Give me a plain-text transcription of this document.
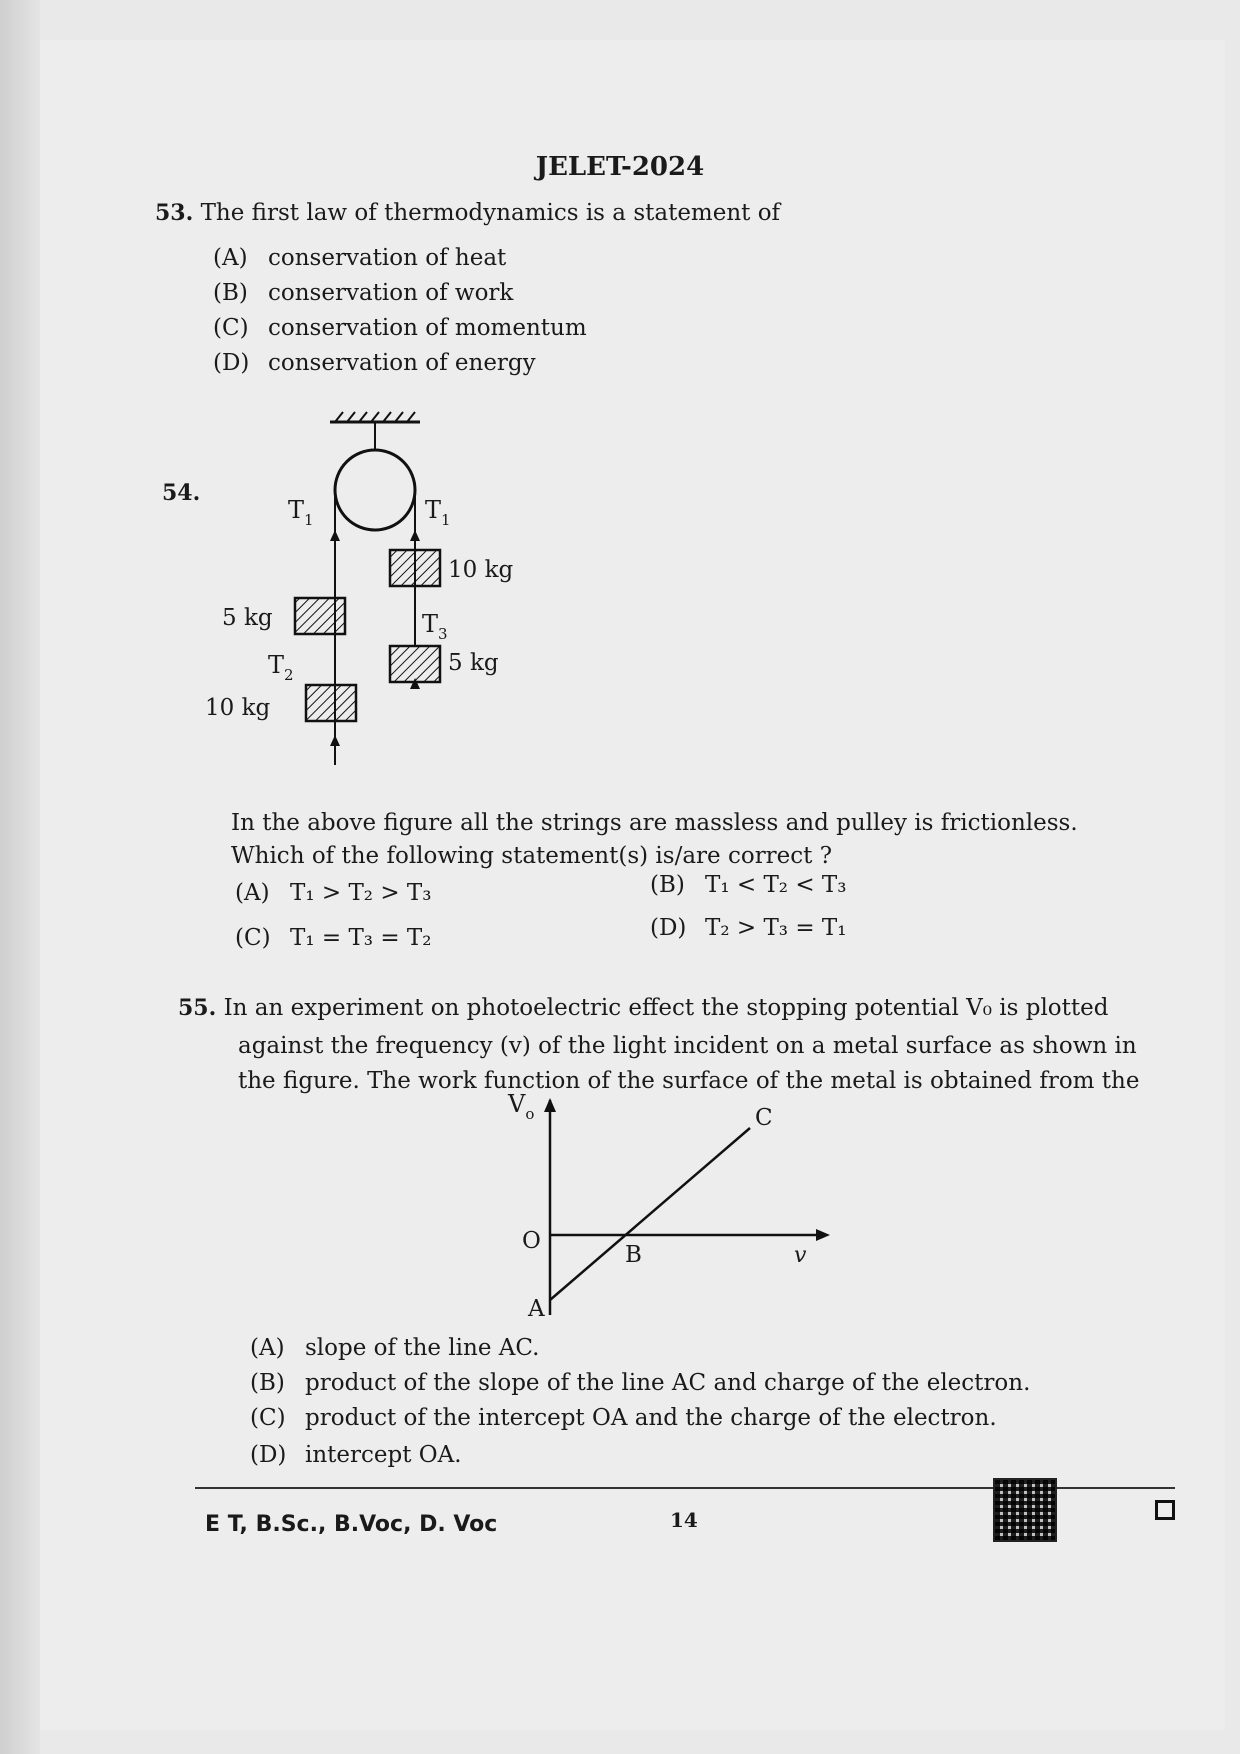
JELET-2024
53. The first law of thermodynamics is a statement of
(A) conservation of heat
(B) conservation of work
(C) conservation of momentum
(D) conservation of energy
54.
$T_1$	$T_1$
10 kg
5 kg	$T_3$
5 kg
$T_2$
10 kg
In the above figure all the strings are massless and pulley is frictionless.
Which of the following statement(s) is/are correct ?
(A) T₁ > T₂ > T₃	(B) T₁ < T₂ < T₃
(C) T₁ = T₃ = T₂	(D) T₂ > T₃ = T₁
55. In an experiment on photoelectric effect the stopping potential V₀ is plotted
against the frequency (v) of the light incident on a metal surface as shown in
the figure. The work function of the surface of the metal is obtained from the
$V_o$
v
O
B
C
A
(A) slope of the line AC.
(B) product of the slope of the line AC and charge of the electron.
(C) product of the intercept OA and the charge of the electron.
(D) intercept OA.
E T, B.Sc., B.Voc, D. Voc	14
